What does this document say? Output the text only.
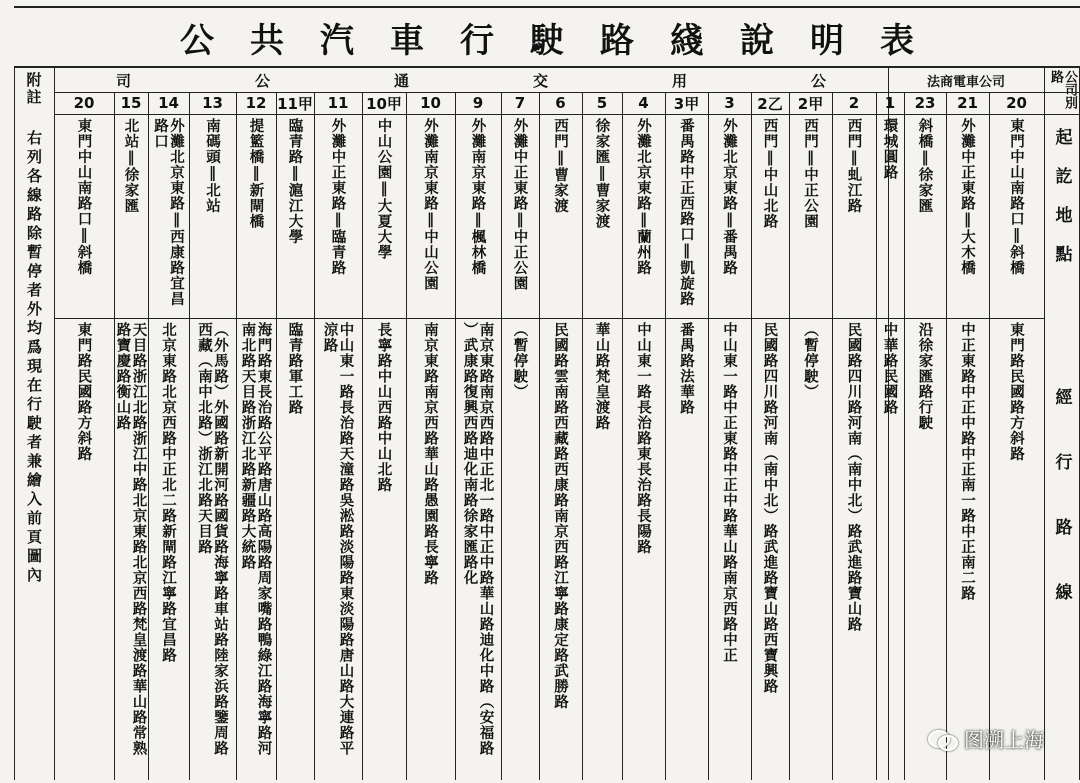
公共汽車行駛路綫說明表
附註
右列各線路除暫停者外均爲現在行駛者兼繪入前頁圖內
公司別路
起訖地點
經行路線
司	公	通	交	用	公	法商電車公司
20
東門中山南路口‖斜橋
東門路民國路方斜路
15
北站‖徐家匯
天目路浙江北路浙江中路北京東路北京西路梵皇渡路華山路常熟
路寶慶路衡山路
14
外灘北京東路‖西康路宜昌
路口
北京東路北京西路中正北二路新閘路江寧路宜昌路
13
南碼頭‖北站
（外馬路）外國路新開河路國貨路海寧路車站路陸家浜路鑒周路
西藏（南中北路）浙江北路天目路
12
提籃橋‖新閘橋
海門路東長治路公平路唐山路高陽路周家嘴路鴨綠江路海寧路河
南北路天目路浙江北路新疆路大統路
11甲
臨青路‖滬江大學
臨青路軍工路
11
外灘中正東路‖臨青路
中山東一路長治路天潼路吳淞路淡陽路東淡陽路唐山路大連路平
涼路
10甲
中山公園‖大夏大學
長寧路中山西路中山北路
10
外灘南京東路‖中山公園
南京東路南京西路華山路愚園路長寧路
9
外灘南京東路‖楓林橋
南京東路南京西路中正北一路中正中路華山路迪化中路（安福路
）武康路復興西路迪化南路徐家匯路化
7
外灘中正東路‖中正公園
（暫停駛）
6
西門‖曹家渡
民國路雲南路西藏路西康路南京西路江寧路康定路武勝路
5
徐家匯‖曹家渡
華山路梵皇渡路
4
外灘北京東路‖蘭州路
中山東一路長治路東長治路長陽路
3甲
番禺路中正西路口‖凱旋路
番禺路法華路
3
外灘北京東路‖番禺路
中山東一路中正東路中正中路華山路南京西路中正
2乙
西門‖中山北路
民國路四川路河南（南中北）路武進路寶山路西寶興路
2甲
西門‖中正公園
（暫停駛）
2
西門‖虬江路
民國路四川路河南（南中北）路武進路寶山路
1
環城圓路
中華路民國路
23
斜橋‖徐家匯
沿徐家匯路行駛
21
外灘中正東路‖大木橋
中正東路中正中路中正南一路中正南二路
20
東門中山南路口‖斜橋
東門路民國路方斜路
图溯上海
